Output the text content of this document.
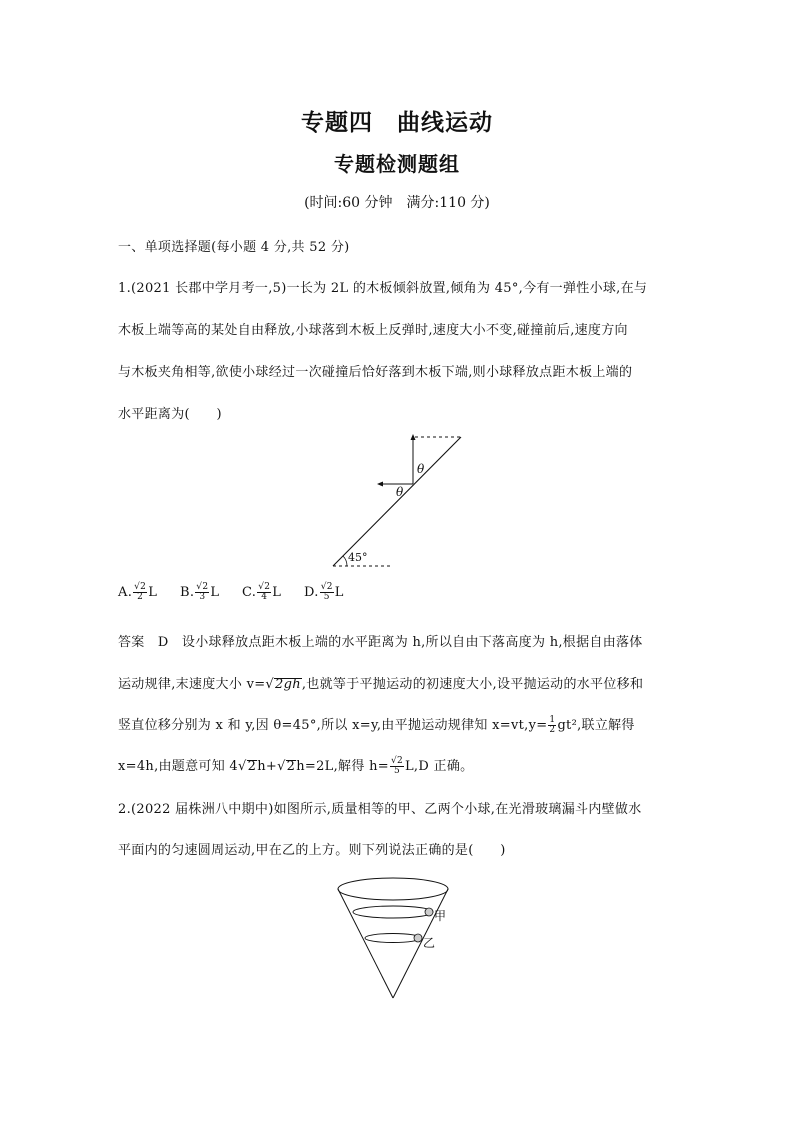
专题四　曲线运动
专题检测题组
(时间:60 分钟　满分:110 分)
一、单项选择题(每小题 4 分,共 52 分)
1.(2021 长郡中学月考一,5)一长为 2L 的木板倾斜放置,倾角为 45°,今有一弹性小球,在与
木板上端等高的某处自由释放,小球落到木板上反弹时,速度大小不变,碰撞前后,速度方向
与木板夹角相等,欲使小球经过一次碰撞后恰好落到木板下端,则小球释放点距木板上端的
水平距离为(　　)
θ
θ
45°
A. $\frac{√2}{2}$ L B. $\frac{√2}{3}$ L C. $\frac{√2}{4}$ L D. $\frac{√2}{5}$ L
答案　D　设小球释放点距木板上端的水平距离为 h,所以自由下落高度为 h,根据自由落体
运动规律,末速度大小 v=√2gh,也就等于平抛运动的初速度大小,设平抛运动的水平位移和
竖直位移分别为 x 和 y,因 θ=45°,所以 x=y,由平抛运动规律知 $x=vt,y= \frac{1}{2} gt^2$,联立解得
x=4h,由题意可知 4√2h+√2h=2L,解得 $h= \frac{√2}{5} L,D$ 正确。
2.(2022 届株洲八中期中)如图所示,质量相等的甲、乙两个小球,在光滑玻璃漏斗内壁做水
平面内的匀速圆周运动,甲在乙的上方。则下列说法正确的是(　　)
甲
乙
